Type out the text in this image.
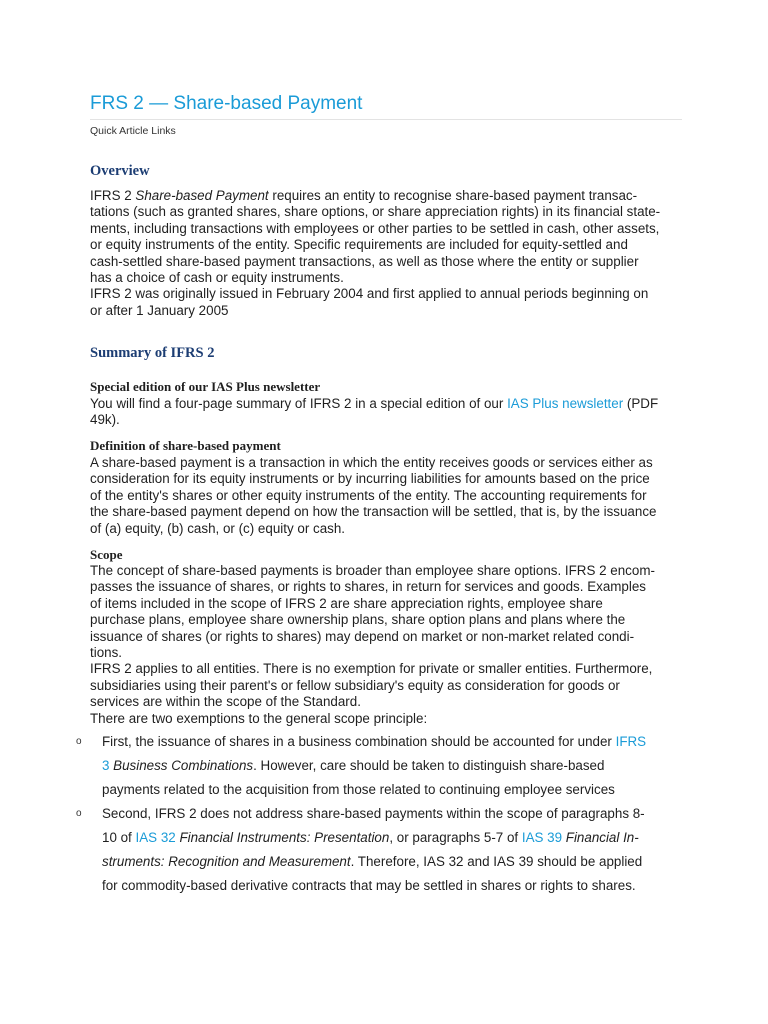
FRS 2 — Share-based Payment
Quick Article Links
Overview
IFRS 2 Share-based Payment requires an entity to recognise share-based payment transac-
tations (such as granted shares, share options, or share appreciation rights) in its financial state-
ments, including transactions with employees or other parties to be settled in cash, other assets,
or equity instruments of the entity. Specific requirements are included for equity-settled and
cash-settled share-based payment transactions, as well as those where the entity or supplier
has a choice of cash or equity instruments.
IFRS 2 was originally issued in February 2004 and first applied to annual periods beginning on
or after 1 January 2005
Summary of IFRS 2
Special edition of our IAS Plus newsletter
You will find a four-page summary of IFRS 2 in a special edition of our IAS Plus newsletter (PDF
49k).
Definition of share-based payment
A share-based payment is a transaction in which the entity receives goods or services either as
consideration for its equity instruments or by incurring liabilities for amounts based on the price
of the entity's shares or other equity instruments of the entity. The accounting requirements for
the share-based payment depend on how the transaction will be settled, that is, by the issuance
of (a) equity, (b) cash, or (c) equity or cash.
Scope
The concept of share-based payments is broader than employee share options. IFRS 2 encom-
passes the issuance of shares, or rights to shares, in return for services and goods. Examples
of items included in the scope of IFRS 2 are share appreciation rights, employee share
purchase plans, employee share ownership plans, share option plans and plans where the
issuance of shares (or rights to shares) may depend on market or non-market related condi-
tions.
IFRS 2 applies to all entities. There is no exemption for private or smaller entities. Furthermore,
subsidiaries using their parent's or fellow subsidiary's equity as consideration for goods or
services are within the scope of the Standard.
There are two exemptions to the general scope principle:
o First, the issuance of shares in a business combination should be accounted for under IFRS
3 Business Combinations. However, care should be taken to distinguish share-based
payments related to the acquisition from those related to continuing employee services
o Second, IFRS 2 does not address share-based payments within the scope of paragraphs 8-
10 of IAS 32 Financial Instruments: Presentation, or paragraphs 5-7 of IAS 39 Financial In-
struments: Recognition and Measurement. Therefore, IAS 32 and IAS 39 should be applied
for commodity-based derivative contracts that may be settled in shares or rights to shares.
